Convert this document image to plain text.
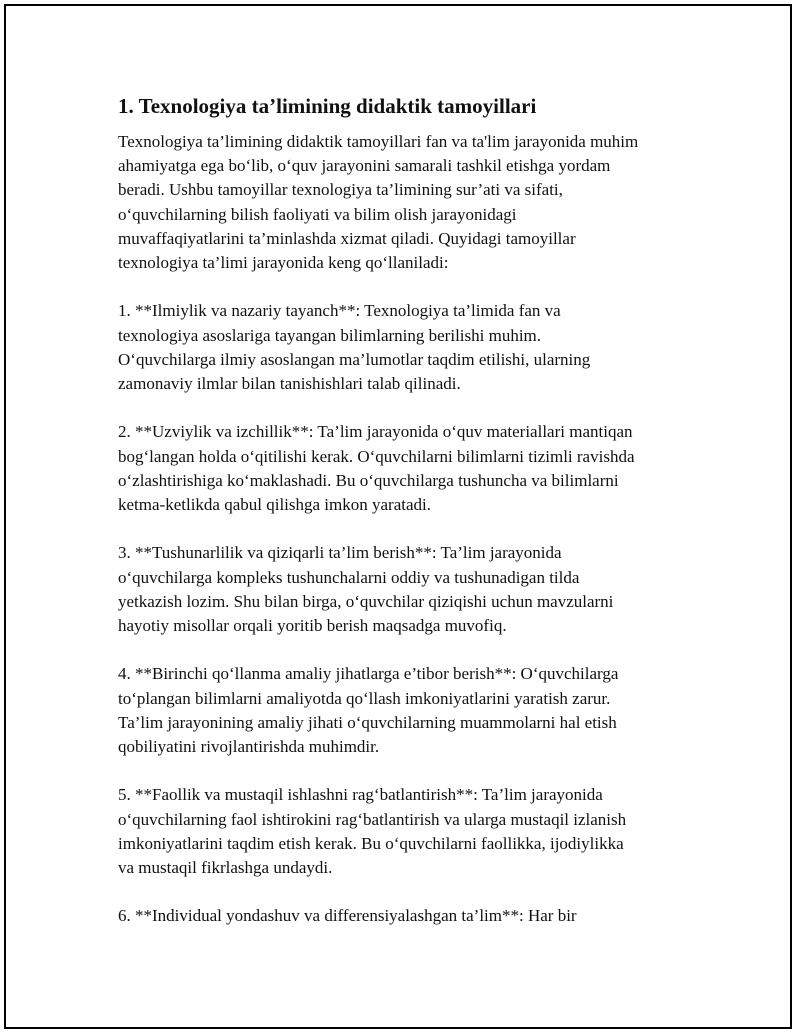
1. Texnologiya ta’limining didaktik tamoyillari
Texnologiya ta’limining didaktik tamoyillari fan va ta'lim jarayonida muhim
ahamiyatga ega bo‘lib, o‘quv jarayonini samarali tashkil etishga yordam
beradi. Ushbu tamoyillar texnologiya ta’limining sur’ati va sifati,
o‘quvchilarning bilish faoliyati va bilim olish jarayonidagi
muvaffaqiyatlarini ta’minlashda xizmat qiladi. Quyidagi tamoyillar
texnologiya ta’limi jarayonida keng qo‘llaniladi:
1. **Ilmiylik va nazariy tayanch**: Texnologiya ta’limida fan va
texnologiya asoslariga tayangan bilimlarning berilishi muhim.
O‘quvchilarga ilmiy asoslangan ma’lumotlar taqdim etilishi, ularning
zamonaviy ilmlar bilan tanishishlari talab qilinadi.
2. **Uzviylik va izchillik**: Ta’lim jarayonida o‘quv materiallari mantiqan
bog‘langan holda o‘qitilishi kerak. O‘quvchilarni bilimlarni tizimli ravishda
o‘zlashtirishiga ko‘maklashadi. Bu o‘quvchilarga tushuncha va bilimlarni
ketma-ketlikda qabul qilishga imkon yaratadi.
3. **Tushunarlilik va qiziqarli ta’lim berish**: Ta’lim jarayonida
o‘quvchilarga kompleks tushunchalarni oddiy va tushunadigan tilda
yetkazish lozim. Shu bilan birga, o‘quvchilar qiziqishi uchun mavzularni
hayotiy misollar orqali yoritib berish maqsadga muvofiq.
4. **Birinchi qo‘llanma amaliy jihatlarga e’tibor berish**: O‘quvchilarga
to‘plangan bilimlarni amaliyotda qo‘llash imkoniyatlarini yaratish zarur.
Ta’lim jarayonining amaliy jihati o‘quvchilarning muammolarni hal etish
qobiliyatini rivojlantirishda muhimdir.
5. **Faollik va mustaqil ishlashni rag‘batlantirish**: Ta’lim jarayonida
o‘quvchilarning faol ishtirokini rag‘batlantirish va ularga mustaqil izlanish
imkoniyatlarini taqdim etish kerak. Bu o‘quvchilarni faollikka, ijodiylikka
va mustaqil fikrlashga undaydi.
6. **Individual yondashuv va differensiyalashgan ta’lim**: Har bir
